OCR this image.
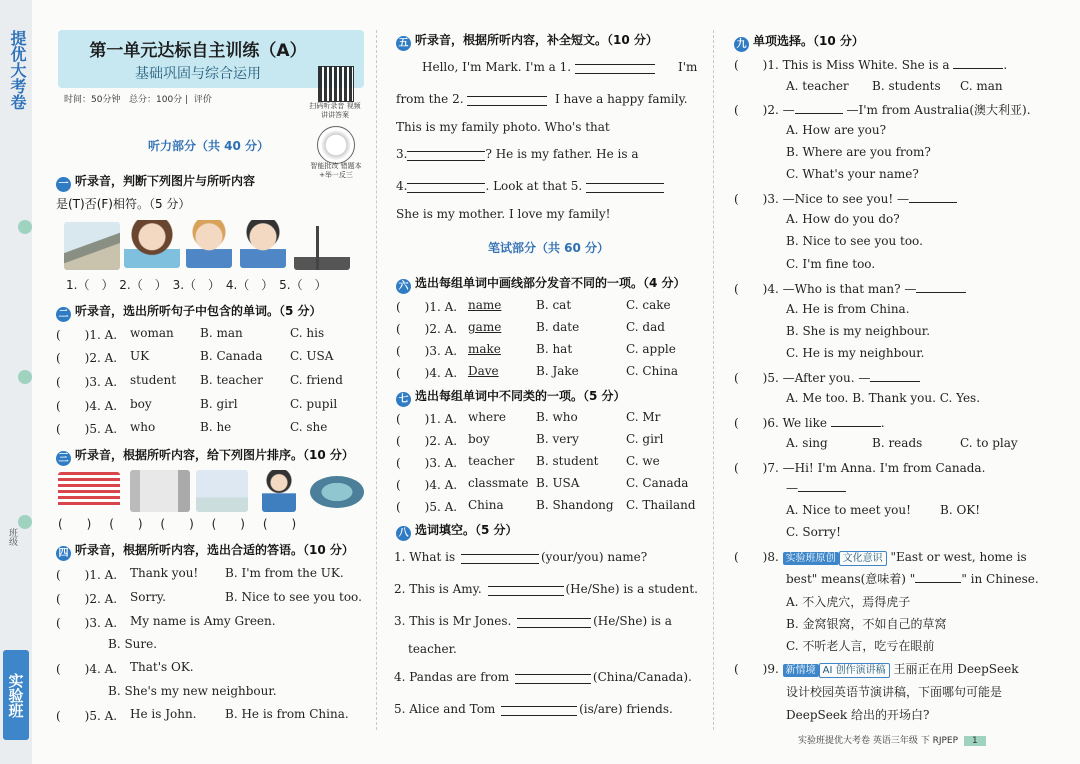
提优大考卷
班级
实验班
第一单元达标自主训练（A）
基础巩固与综合运用
时间：50分钟 总分：100分 |  评价
扫码听录音 视频讲讲答案
智能批改 错题本+举一反三
听力部分（共 40 分）
一 听录音，判断下列图片与所听内容
是(T)否(F)相符。（5 分）
1.（　） 2.（　） 3.（　） 4.（　） 5.（　）
二 听录音，选出所听句子中包含的单词。（5 分）
(　　)1. A. woman B. man	C. his
(　　)2. A. UK	B. Canada C. USA
(　　)3. A. student B. teacher C. friend
(　　)4. A. boy	B. girl	C. pupil
(　　)5. A. who	B. he	C. she
三 听录音，根据所听内容，给下列图片排序。（10 分）
(　　) (　　) (　　) (　　) (　　)
四 听录音，根据所听内容，选出合适的答语。（10 分）
(　　)1. A. Thank you! B. I'm from the UK.
(　　)2. A. Sorry.	B. Nice to see you too.
(　　)3. A. My name is Amy Green.
B. Sure.
(　　)4. A. That's OK.
B. She's my new neighbour.
(　　)5. A. He is John. B. He is from China.
五 听录音，根据所听内容，补全短文。（10 分）
Hello, I'm Mark. I'm a 1.	I'm
from the 2.	I have a happy family.
This is my family photo. Who's that
3.	? He is my father. He is a
4.	. Look at that 5.
She is my mother. I love my family!
笔试部分（共 60 分）
六 选出每组单词中画线部分发音不同的一项。（4 分）
(　　)1. A. name	B. cat	C. cake
(　　)2. A. game	B. date	C. dad
(　　)3. A. make	B. hat	C. apple
(　　)4. A. Dave	B. Jake	C. China
七 选出每组单词中不同类的一项。（5 分）
(　　)1. A. where	B. who	C. Mr
(　　)2. A. boy	B. very	C. girl
(　　)3. A. teacher B. student C. we
(　　)4. A. classmate B. USA	C. Canada
(　　)5. A. China	B. Shandong C. Thailand
八 选词填空。（5 分）
1. What is	(your/you) name?
2. This is Amy.	(He/She) is a student.
3. This is Mr Jones.	(He/She) is a
teacher.
4. Pandas are from	(China/Canada).
5. Alice and Tom	(is/are) friends.
九 单项选择。（10 分）
(　　)1. This is Miss White. She is a	.
A. teacher B. students C. man
(　　)2. —	—I'm from Australia(澳大利亚).
A. How are you?
B. Where are you from?
C. What's your name?
(　　)3. —Nice to see you! —
A. How do you do?
B. Nice to see you too.
C. I'm fine too.
(　　)4. —Who is that man? —
A. He is from China.
B. She is my neighbour.
C. He is my neighbour.
(　　)5. —After you. —
A. Me too. B. Thank you. C. Yes.
(　　)6. We like	.
A. sing	B. reads	C. to play
(　　)7. —Hi! I'm Anna. I'm from Canada.
—
A. Nice to meet you! B. OK!
C. Sorry!
(　　)8. 实验班原创 文化意识 "East or west, home is
best" means(意味着) "	" in Chinese.
A. 不入虎穴，焉得虎子
B. 金窝银窝，不如自己的草窝
C. 不听老人言，吃亏在眼前
(　　)9. 新情境 AI 创作演讲稿 王丽正在用 DeepSeek
设计校园英语节演讲稿，下面哪句可能是
DeepSeek 给出的开场白?
实验班提优大考卷 英语三年级 下 RJPEP 1
